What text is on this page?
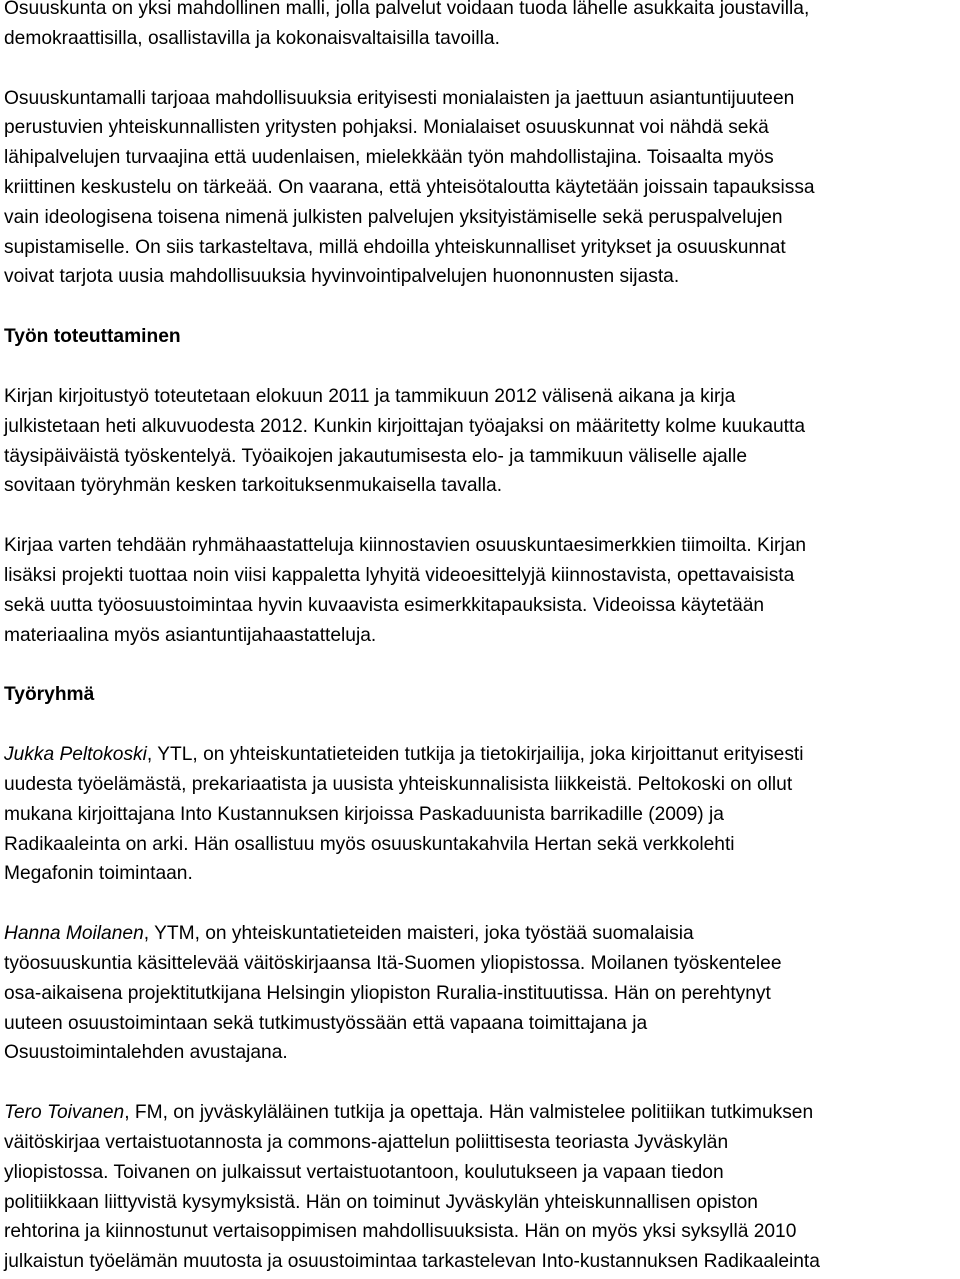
Osuuskunta on yksi mahdollinen malli, jolla palvelut voidaan tuoda lähelle asukkaita joustavilla,
demokraattisilla, osallistavilla ja kokonaisvaltaisilla tavoilla.

Osuuskuntamalli tarjoaa mahdollisuuksia erityisesti monialaisten ja jaettuun asiantuntijuuteen
perustuvien yhteiskunnallisten yritysten pohjaksi. Monialaiset osuuskunnat voi nähdä sekä
lähipalvelujen turvaajina että uudenlaisen, mielekkään työn mahdollistajina. Toisaalta myös
kriittinen keskustelu on tärkeää. On vaarana, että yhteisötaloutta käytetään joissain tapauksissa
vain ideologisena toisena nimenä julkisten palvelujen yksityistämiselle sekä peruspalvelujen
supistamiselle. On siis tarkasteltava, millä ehdoilla yhteiskunnalliset yritykset ja osuuskunnat
voivat tarjota uusia mahdollisuuksia hyvinvointipalvelujen huononnusten sijasta.

Työn toteuttaminen

Kirjan kirjoitustyö toteutetaan elokuun 2011 ja tammikuun 2012 välisenä aikana ja kirja
julkistetaan heti alkuvuodesta 2012. Kunkin kirjoittajan työajaksi on määritetty kolme kuukautta
täysipäiväistä työskentelyä. Työaikojen jakautumisesta elo- ja tammikuun väliselle ajalle
sovitaan työryhmän kesken tarkoituksenmukaisella tavalla.

Kirjaa varten tehdään ryhmähaastatteluja kiinnostavien osuuskuntaesimerkkien tiimoilta. Kirjan
lisäksi projekti tuottaa noin viisi kappaletta lyhyitä videoesittelyjä kiinnostavista, opettavaisista
sekä uutta työosuustoimintaa hyvin kuvaavista esimerkkitapauksista. Videoissa käytetään
materiaalina myös asiantuntijahaastatteluja.

Työryhmä

Jukka Peltokoski, YTL, on yhteiskuntatieteiden tutkija ja tietokirjailija, joka kirjoittanut erityisesti
uudesta työelämästä, prekariaatista ja uusista yhteiskunnalisista liikkeistä. Peltokoski on ollut
mukana kirjoittajana Into Kustannuksen kirjoissa Paskaduunista barrikadille (2009) ja
Radikaaleinta on arki. Hän osallistuu myös osuuskuntakahvila Hertan sekä verkkolehti
Megafonin toimintaan.

Hanna Moilanen, YTM, on yhteiskuntatieteiden maisteri, joka työstää suomalaisia
työosuuskuntia käsittelevää väitöskirjaansa Itä-Suomen yliopistossa. Moilanen työskentelee
osa-aikaisena projektitutkijana Helsingin yliopiston Ruralia-instituutissa. Hän on perehtynyt
uuteen osuustoimintaan sekä tutkimustyössään että vapaana toimittajana ja
Osuustoimintalehden avustajana.

Tero Toivanen, FM, on jyväskyläläinen tutkija ja opettaja. Hän valmistelee politiikan tutkimuksen
väitöskirjaa vertaistuotannosta ja commons-ajattelun poliittisesta teoriasta Jyväskylän
yliopistossa. Toivanen on julkaissut vertaistuotantoon, koulutukseen ja vapaan tiedon
politiikkaan liittyvistä kysymyksistä. Hän on toiminut Jyväskylän yhteiskunnallisen opiston
rehtorina ja kiinnostunut vertaisoppimisen mahdollisuuksista. Hän on myös yksi syksyllä 2010
julkaistun työelämän muutosta ja osuustoimintaa tarkastelevan Into-kustannuksen Radikaaleinta
